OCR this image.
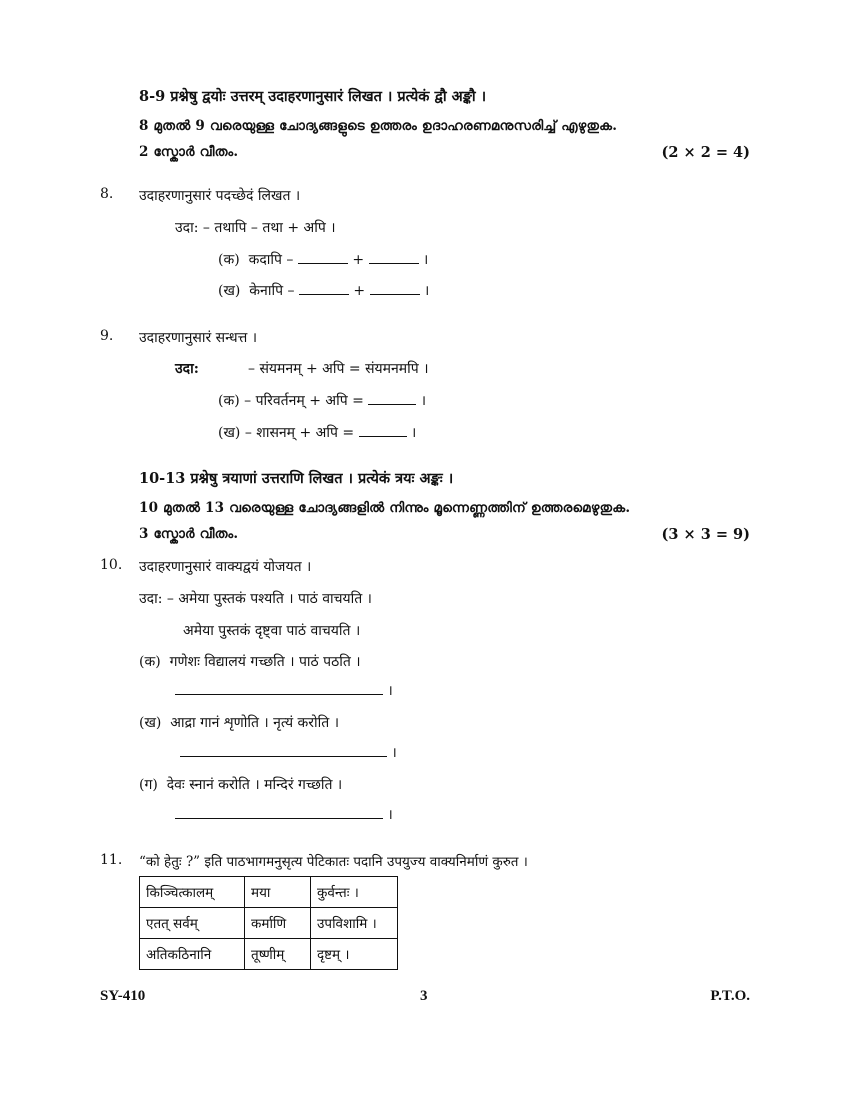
8-9 प्रश्नेषु द्वयोः उत्तरम् उदाहरणानुसारं लिखत । प्रत्येकं द्वौ अङ्कौ ।
8 മുതൽ 9 വരെയുള്ള ചോദ്യങ്ങളുടെ ഉത്തരം ഉദാഹരണമനുസരിച്ച് എഴുതുക.
2 സ്കോർ വീതം.	(2 × 2 = 4)
8. उदाहरणानुसारं पदच्छेदं लिखत ।
उदा: – तथापि – तथा + अपि ।
(क) कदापि –	+	।
(ख) केनापि –	+	।
9. उदाहरणानुसारं सन्धत्त ।
उदा:	– संयमनम् + अपि = संयमनमपि ।
(क) – परिवर्तनम् + अपि =	।
(ख) – शासनम् + अपि =	।
10-13 प्रश्नेषु त्रयाणां उत्तराणि लिखत । प्रत्येकं त्रयः अङ्कः ।
10 മുതൽ 13 വരെയുള്ള ചോദ്യങ്ങളിൽ നിന്നും മൂന്നെണ്ണത്തിന് ഉത്തരമെഴുതുക.
3 സ്കോർ വീതം.	(3 × 3 = 9)
10. उदाहरणानुसारं वाक्यद्वयं योजयत ।
उदा: – अमेया पुस्तकं पश्यति । पाठं वाचयति ।
अमेया पुस्तकं दृष्ट्वा पाठं वाचयति ।
(क) गणेशः विद्यालयं गच्छति । पाठं पठति ।
।
(ख) आद्रा गानं शृणोति । नृत्यं करोति ।
।
(ग) देवः स्नानं करोति । मन्दिरं गच्छति ।
।
11. “को हेतुः ?” इति पाठभागमनुसृत्य पेटिकातः पदानि उपयुज्य वाक्यनिर्माणं कुरुत ।
किञ्चित्कालम्	मया	कुर्वन्तः ।
एतत् सर्वम्	कर्माणि	उपविशामि ।
अतिकठिनानि	तूष्णीम्	दृष्टम् ।
SY-410	3	P.T.O.
